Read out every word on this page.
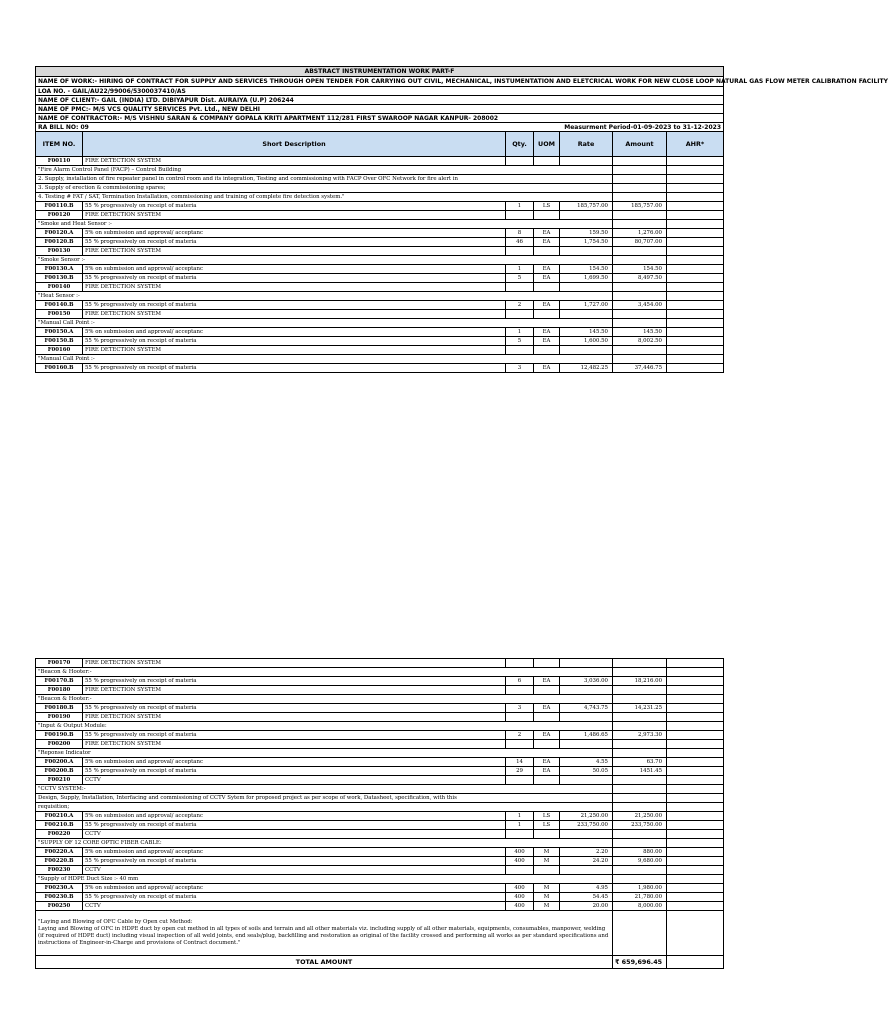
ABSTRACT INSTRUMENTATION WORK PART-F
NAME OF WORK:- HIRING OF CONTRACT FOR SUPPLY AND SERVICES THROUGH OPEN TENDER FOR CARRYING OUT CIVIL, MECHANICAL, INSTUMENTATION AND ELETCRICAL WORK FOR NEW CLOSE LOOP NATURAL GAS FLOW METER CALIBRATION FACILITY
LOA NO. - GAIL/AU22/99006/5300037410/AS
NAME OF CLIENT:- GAIL (INDIA) LTD. DIBIYAPUR Dist. AURAIYA (U.P) 206244
NAME OF PMC:- M/S VCS QUALITY SERVICES Pvt. Ltd., NEW DELHI
NAME OF CONTRACTOR:- M/S VISHNU SARAN & COMPANY GOPALA KRITI APARTMENT 112/281 FIRST SWAROOP NAGAR KANPUR- 208002
RA BILL NO: 09	Measurment Period-01-09-2023 to 31-12-2023
ITEM NO.	Short Description	Qty.	UOM	Rate	Amount	AHR*
F00110	FIRE DETECTION SYSTEM					
"Fire Alarm Control Panel (FACP) – Control Building						
2. Supply, installation of fire repeater panel in control room and its integration, Testing and commissioning with FACP Over OFC Network for fire alert in						
3. Supply of erection & commissioning spares;						
4. Testing # FAT / SAT, Termination Installation, commissioning and training of complete fire detection system."						
F00110.B	55 % progressively on receipt of materia	1	LS	185,757.00	185,757.00	
F00120	FIRE DETECTION SYSTEM					
"Smoke and Heat Sensor :-						
F00120.A	5% on submission and approval/ acceptanc	8	EA	159.50	1,276.00	
F00120.B	55 % progressively on receipt of materia	46	EA	1,754.50	80,707.00	
F00130	FIRE DETECTION SYSTEM					
"Smoke Sensor :-						
F00130.A	5% on submission and approval/ acceptanc	1	EA	154.50	154.50	
F00130.B	55 % progressively on receipt of materia	5	EA	1,699.50	8,497.50	
F00140	FIRE DETECTION SYSTEM					
"Heat Sensor :-						
F00140.B	55 % progressively on receipt of materia	2	EA	1,727.00	3,454.00	
F00150	FIRE DETECTION SYSTEM					
"Manual Call Point :-						
F00150.A	5% on submission and approval/ acceptanc	1	EA	145.50	145.50	
F00150.B	55 % progressively on receipt of materia	5	EA	1,600.50	8,002.50	
F00160	FIRE DETECTION SYSTEM					
"Manual Call Point :-						
F00160.B	55 % progressively on receipt of materia	3	EA	12,482.25	37,446.75	
F00170	FIRE DETECTION SYSTEM					
"Beacon & Hooter:-						
F00170.B	55 % progressively on receipt of materia	6	EA	3,036.00	18,216.00	
F00180	FIRE DETECTION SYSTEM					
"Beacon & Hooter:-						
F00180.B	55 % progressively on receipt of materia	3	EA	4,743.75	14,231.25	
F00190	FIRE DETECTION SYSTEM					
"Input & Output Module:						
F00190.B	55 % progressively on receipt of materia	2	EA	1,486.65	2,973.30	
F00200	FIRE DETECTION SYSTEM					
"Reponse Indicator						
F00200.A	5% on submission and approval/ acceptanc	14	EA	4.55	63.70	
F00200.B	55 % progressively on receipt of materia	29	EA	50.05	1451.45	
F00210	CCTV					
"CCTV SYSTEM:-						
Design, Supply, Installation, Interfacing and commissioning of CCTV Sytem for proposed project as per scope of work, Datasheet, specification, with this						
requisition;						
F00210.A	5% on submission and approval/ acceptanc	1	LS	21,250.00	21,250.00	
F00210.B	55 % progressively on receipt of materia	1	LS	233,750.00	233,750.00	
F00220	CCTV					
"SUPPLY OF 12 CORE OPTIC FIBER CABLE:						
F00220.A	5% on submission and approval/ acceptanc	400	M	2.20	880.00	
F00220.B	55 % progressively on receipt of materia	400	M	24.20	9,680.00	
F00230	CCTV					
"Supply of HDPE Duct Size :- 40 mm						
F00230.A	5% on submission and approval/ acceptanc	400	M	4.95	1,980.00	
F00230.B	55 % progressively on receipt of materia	400	M	54.45	21,780.00	
F00250	CCTV	400	M	20.00	8,000.00	
"Laying and Blowing of OFC Cable by Open cut Method:
Laying and Blowing of OFC in HDPE duct by open cut method in all types of soils and terrain and all other materials viz. including supply of all other materials, equipments, consumables, manpower, welding (if required of HDPE duct) including visual inspection of all weld joints, end seals/plug, backfilling and restoration as original of the facility crossed and performing all works as per standard specifications and instructions of Engineer-in-Charge and provisions of Contract document."						
TOTAL AMOUNT					₹ 659,696.45	
